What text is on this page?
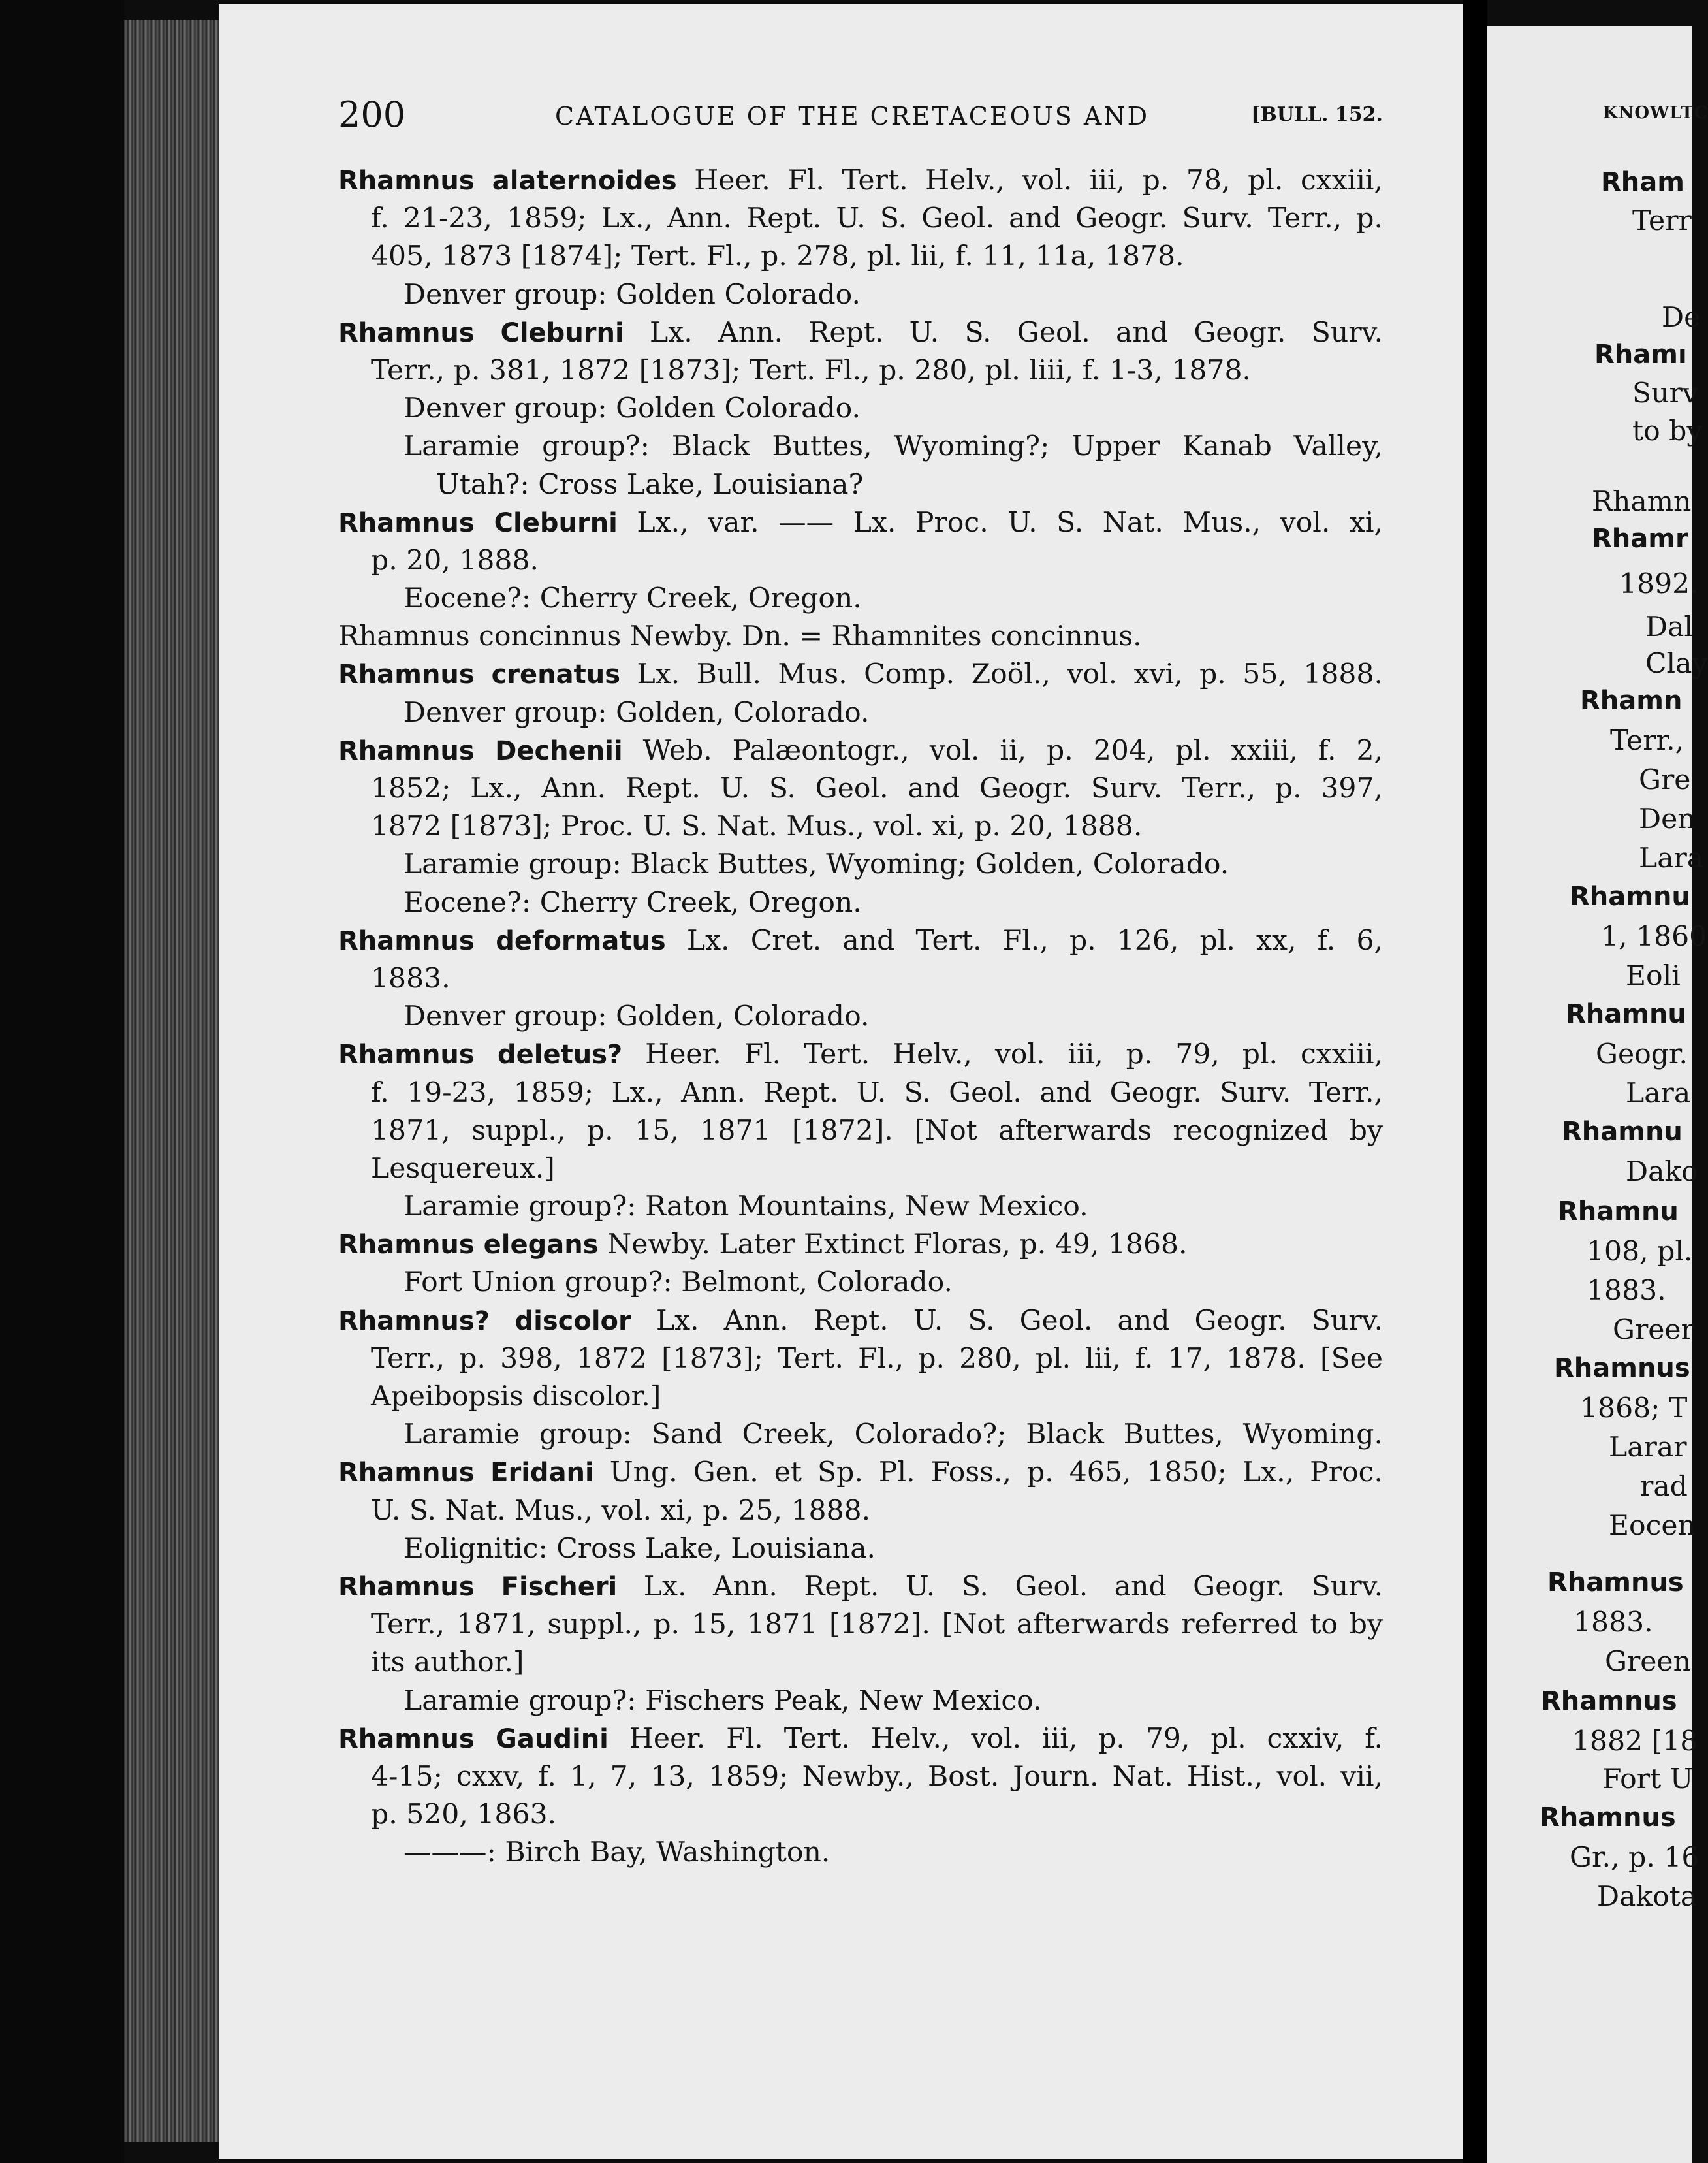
200	CATALOGUE OF THE CRETACEOUS AND	[BULL. 152.
Rhamnus alaternoides Heer. Fl. Tert. Helv., vol. iii, p. 78, pl. cxxiii,
f. 21-23, 1859; Lx., Ann. Rept. U. S. Geol. and Geogr. Surv. Terr., p.
405, 1873 [1874]; Tert. Fl., p. 278, pl. lii, f. 11, 11a, 1878.
Denver group: Golden Colorado.
Rhamnus Cleburni Lx. Ann. Rept. U. S. Geol. and Geogr. Surv.
Terr., p. 381, 1872 [1873]; Tert. Fl., p. 280, pl. liii, f. 1-3, 1878.
Denver group: Golden Colorado.
Laramie group?: Black Buttes, Wyoming?; Upper Kanab Valley,
Utah?: Cross Lake, Louisiana?
Rhamnus Cleburni Lx., var. —— Lx. Proc. U. S. Nat. Mus., vol. xi,
p. 20, 1888.
Eocene?: Cherry Creek, Oregon.
Rhamnus concinnus Newby. Dn. = Rhamnites concinnus.
Rhamnus crenatus Lx. Bull. Mus. Comp. Zoöl., vol. xvi, p. 55, 1888.
Denver group: Golden, Colorado.
Rhamnus Dechenii Web. Palæontogr., vol. ii, p. 204, pl. xxiii, f. 2,
1852; Lx., Ann. Rept. U. S. Geol. and Geogr. Surv. Terr., p. 397,
1872 [1873]; Proc. U. S. Nat. Mus., vol. xi, p. 20, 1888.
Laramie group: Black Buttes, Wyoming; Golden, Colorado.
Eocene?: Cherry Creek, Oregon.
Rhamnus deformatus Lx. Cret. and Tert. Fl., p. 126, pl. xx, f. 6,
1883.
Denver group: Golden, Colorado.
Rhamnus deletus? Heer. Fl. Tert. Helv., vol. iii, p. 79, pl. cxxiii,
f. 19-23, 1859; Lx., Ann. Rept. U. S. Geol. and Geogr. Surv. Terr.,
1871, suppl., p. 15, 1871 [1872]. [Not afterwards recognized by
Lesquereux.]
Laramie group?: Raton Mountains, New Mexico.
Rhamnus elegans Newby. Later Extinct Floras, p. 49, 1868.
Fort Union group?: Belmont, Colorado.
Rhamnus? discolor Lx. Ann. Rept. U. S. Geol. and Geogr. Surv.
Terr., p. 398, 1872 [1873]; Tert. Fl., p. 280, pl. lii, f. 17, 1878. [See
Apeibopsis discolor.]
Laramie group: Sand Creek, Colorado?; Black Buttes, Wyoming.
Rhamnus Eridani Ung. Gen. et Sp. Pl. Foss., p. 465, 1850; Lx., Proc.
U. S. Nat. Mus., vol. xi, p. 25, 1888.
Eolignitic: Cross Lake, Louisiana.
Rhamnus Fischeri Lx. Ann. Rept. U. S. Geol. and Geogr. Surv.
Terr., 1871, suppl., p. 15, 1871 [1872]. [Not afterwards referred to by
its author.]
Laramie group?: Fischers Peak, New Mexico.
Rhamnus Gaudini Heer. Fl. Tert. Helv., vol. iii, p. 79, pl. cxxiv, f.
4-15; cxxv, f. 1, 7, 13, 1859; Newby., Bost. Journ. Nat. Hist., vol. vii,
p. 520, 1863.
———: Birch Bay, Washington.
KNOWLTC
Rham
Terr
De
Rhamı
Surv
to by
Rhamn
Rhamr
1892.
Dal
Clay
Rhamn
Terr.,
Gre
Den
Lara
Rhamnu
1, 1860
Eoli
Rhamnu
Geogr.
Lara
Rhamnu
Dako
Rhamnu
108, pl.
1883.
Greer
Rhamnus
1868; T
Larar
rad
Eocen
Rhamnus
1883.
Green
Rhamnus
1882 [18
Fort U
Rhamnus
Gr., p. 16
Dakota
